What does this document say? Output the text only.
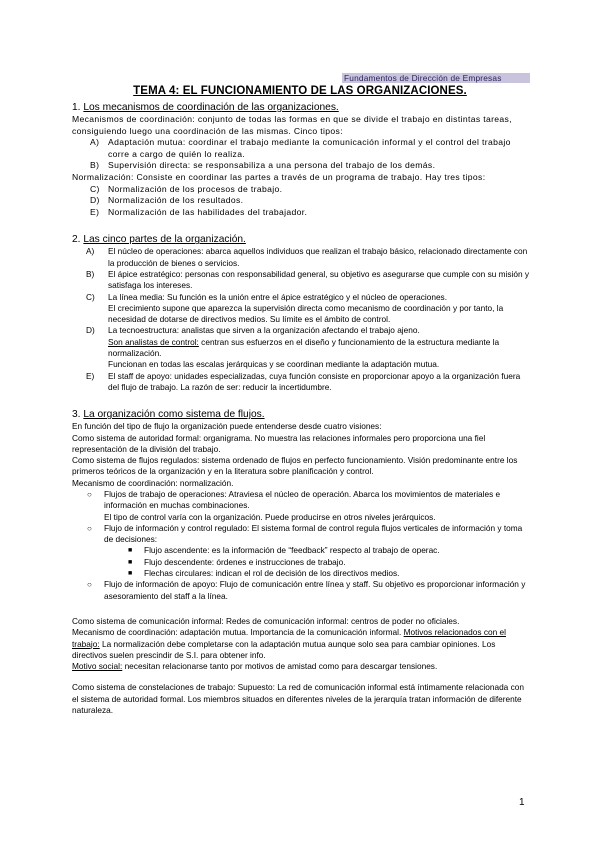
Fundamentos de Dirección de Empresas
TEMA 4: EL FUNCIONAMIENTO DE LAS ORGANIZACIONES.
1. Los mecanismos de coordinación de las organizaciones.

Mecanismos de coordinación: conjunto de todas las formas en que se divide el trabajo en distintas tareas, consiguiendo luego una coordinación de las mismas. Cinco tipos:

A) Adaptación mutua: coordinar el trabajo mediante la comunicación informal y el control del trabajo corre a cargo de quién lo realiza.
B) Supervisión directa: se responsabiliza a una persona del trabajo de los demás.

Normalización: Consiste en coordinar las partes a través de un programa de trabajo. Hay tres tipos:

C) Normalización de los procesos de trabajo.
D) Normalización de los resultados.
E) Normalización de las habilidades del trabajador.
2. Las cinco partes de la organización.
A) El núcleo de operaciones: abarca aquellos individuos que realizan el trabajo básico, relacionado directamente con la producción de bienes o servicios.
B) El ápice estratégico: personas con responsabilidad general, su objetivo es asegurarse que cumple con su misión y satisfaga los intereses.
C) La línea media: Su función es la unión entre el ápice estratégico y el núcleo de operaciones.
El crecimiento supone que aparezca la supervisión directa como mecanismo de coordinación y por tanto, la necesidad de dotarse de directivos medios. Su límite es el ámbito de control.
D) La tecnoestructura: analistas que sirven a la organización afectando el trabajo ajeno.
Son analistas de control: centran sus esfuerzos en el diseño y funcionamiento de la estructura mediante la normalización.
Funcionan en todas las escalas jerárquicas y se coordinan mediante la adaptación mutua.
E) El staff de apoyo: unidades especializadas, cuya función consiste en proporcionar apoyo a la organización fuera del flujo de trabajo. La razón de ser: reducir la incertidumbre.
3. La organización como sistema de flujos.

En función del tipo de flujo la organización puede entenderse desde cuatro visiones:

Como sistema de autoridad formal: organigrama. No muestra las relaciones informales pero proporciona una fiel representación de la división del trabajo.

Como sistema de flujos regulados: sistema ordenado de flujos en perfecto funcionamiento. Visión predominante entre los primeros teóricos de la organización y en la literatura sobre planificación y control.

Mecanismo de coordinación: normalización.

○ Flujos de trabajo de operaciones: Atraviesa el núcleo de operación. Abarca los movimientos de materiales e información en muchas combinaciones.
El tipo de control varía con la organización. Puede producirse en otros niveles jerárquicos.
○ Flujo de información y control regulado: El sistema formal de control regula flujos verticales de información y toma de decisiones:
■ Flujo ascendente: es la información de “feedback” respecto al trabajo de operac.
■ Flujo descendente: órdenes e instrucciones de trabajo.
■ Flechas circulares: indican el rol de decisión de los directivos medios.
○ Flujo de información de apoyo: Flujo de comunicación entre línea y staff. Su objetivo es proporcionar información y asesoramiento del staff a la línea.

Como sistema de comunicación informal: Redes de comunicación informal: centros de poder no oficiales.

Mecanismo de coordinación: adaptación mutua. Importancia de la comunicación informal. Motivos relacionados con el trabajo: La normalización debe completarse con la adaptación mutua aunque solo sea para cambiar opiniones. Los directivos suelen prescindir de S.I. para obtener info.

Motivo social: necesitan relacionarse tanto por motivos de amistad como para descargar tensiones.

Como sistema de constelaciones de trabajo: Supuesto: La red de comunicación informal está íntimamente relacionada con el sistema de autoridad formal. Los miembros situados en diferentes niveles de la jerarquía tratan información de diferente naturaleza.

1
